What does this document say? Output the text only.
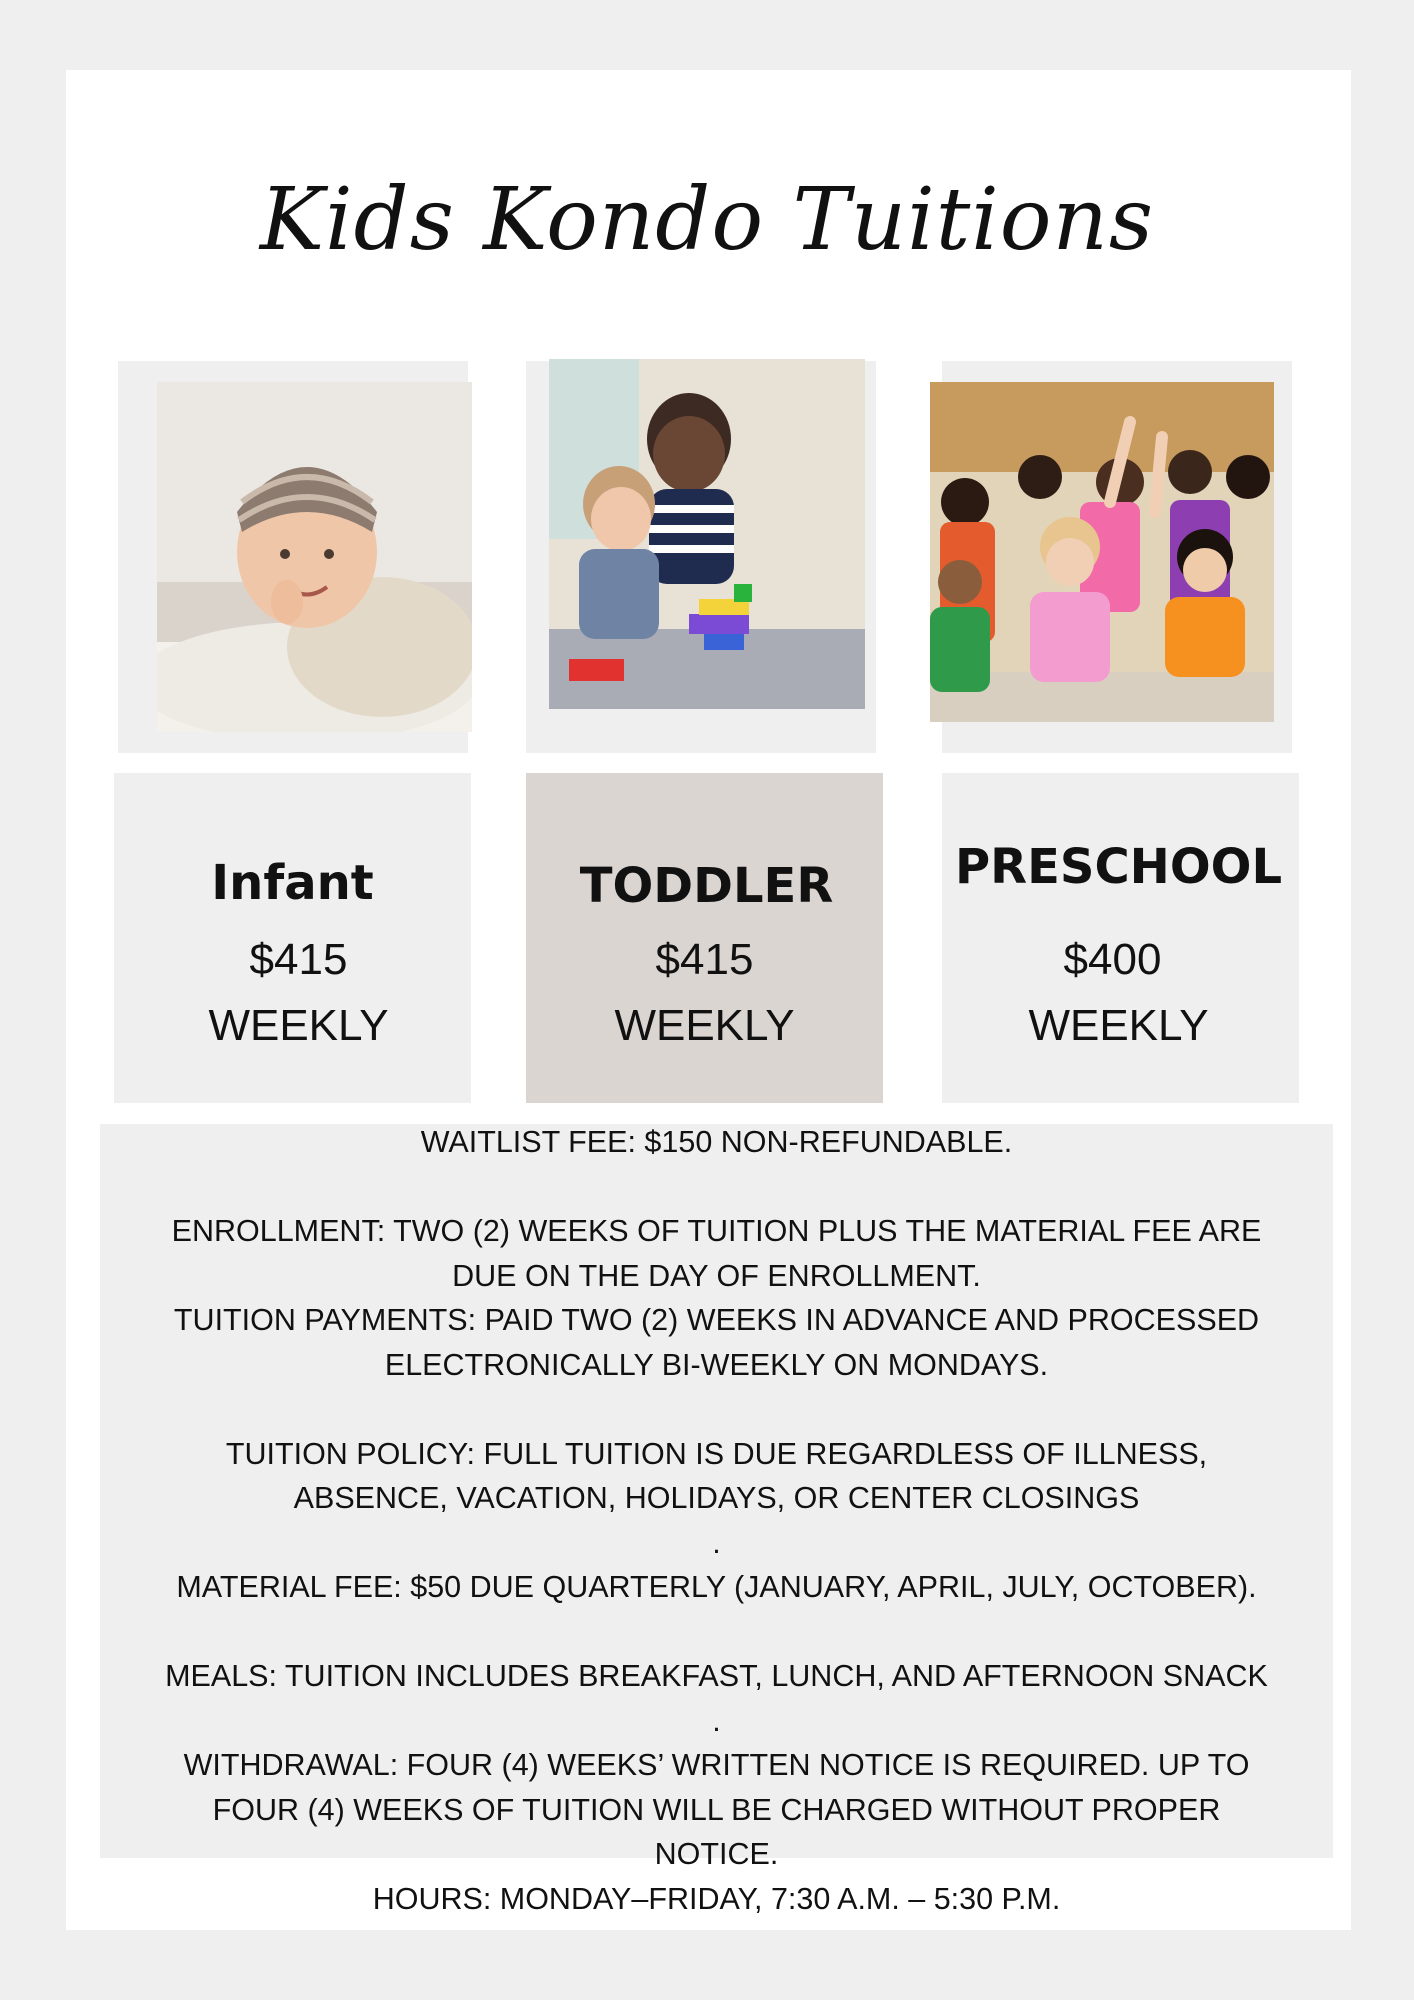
Kids Kondo Tuitions
Infant
$415
WEEKLY
TODDLER
$415
WEEKLY
PRESCHOOL
$400
WEEKLY
WAITLIST FEE: $150 NON-REFUNDABLE.
ENROLLMENT: TWO (2) WEEKS OF TUITION PLUS THE MATERIAL FEE ARE
DUE ON THE DAY OF ENROLLMENT.
TUITION PAYMENTS: PAID TWO (2) WEEKS IN ADVANCE AND PROCESSED
ELECTRONICALLY BI-WEEKLY ON MONDAYS.
TUITION POLICY: FULL TUITION IS DUE REGARDLESS OF ILLNESS,
ABSENCE, VACATION, HOLIDAYS, OR CENTER CLOSINGS
.
MATERIAL FEE: $50 DUE QUARTERLY (JANUARY, APRIL, JULY, OCTOBER).
MEALS: TUITION INCLUDES BREAKFAST, LUNCH, AND AFTERNOON SNACK
.
WITHDRAWAL: FOUR (4) WEEKS’ WRITTEN NOTICE IS REQUIRED. UP TO
FOUR (4) WEEKS OF TUITION WILL BE CHARGED WITHOUT PROPER
NOTICE.
HOURS: MONDAY–FRIDAY, 7:30 A.M. – 5:30 P.M.
